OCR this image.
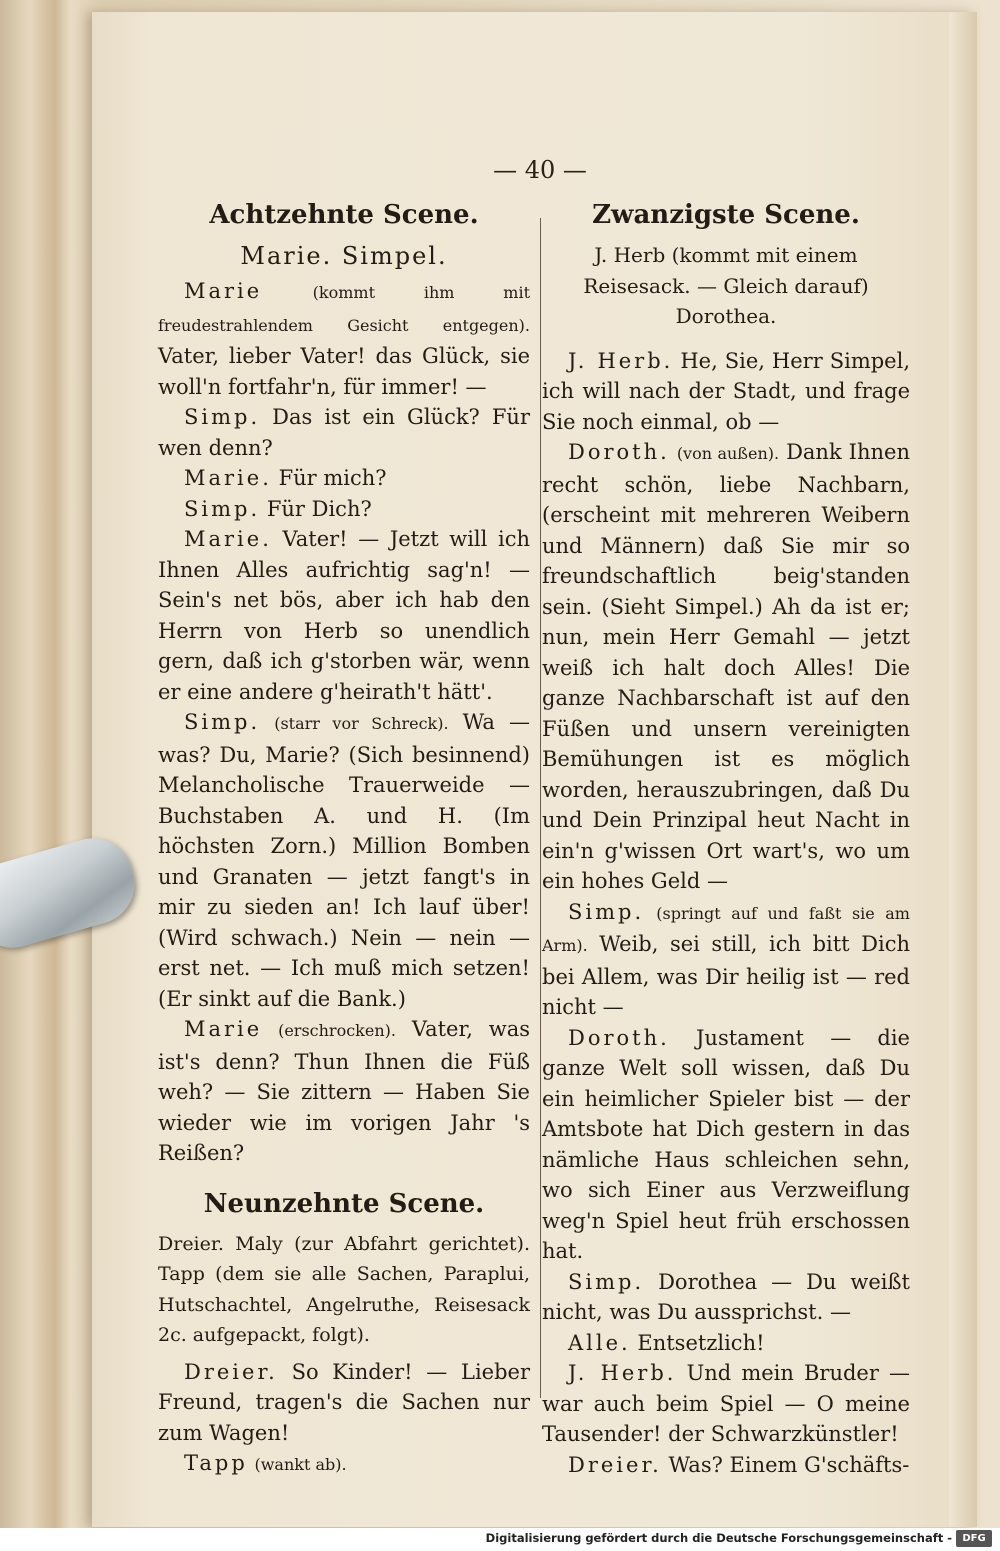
— 40 —
Achtzehnte Scene.
Marie. Simpel.

Marie	(kommt ihm mit freudestrahlendem Gesicht entgegen). Vater, lieber Vater! das Glück, sie woll'n fortfahr'n, für immer! —

Simp. Das ist ein Glück? Für wen denn?

Marie. Für mich?

Simp. Für Dich?

Marie. Vater! — Jetzt will ich Ihnen Alles aufrichtig sag'n! — Sein's net bös, aber ich hab den Herrn von Herb so unendlich gern, daß ich g'storben wär, wenn er eine andere g'heirath't hätt'.

Simp. (starr vor Schreck). Wa — was? Du, Marie? (Sich besinnend) Melancholische Trauerweide — Buchstaben A. und H. (Im höchsten Zorn.) Million Bomben und Granaten — jetzt fangt's in mir zu sieden an! Ich lauf über! (Wird schwach.) Nein — nein — erst net. — Ich muß mich setzen! (Er sinkt auf die Bank.)

Marie (erschrocken). Vater, was ist's denn? Thun Ihnen die Füß weh? — Sie zittern — Haben Sie wieder wie im vorigen Jahr 's Reißen?

Neunzehnte Scene.
Dreier. Maly (zur Abfahrt gerichtet). Tapp (dem sie alle Sachen, Paraplui, Hutschachtel, Angelruthe, Reisesack 2c. aufgepackt, folgt).

Dreier. So Kinder! — Lieber Freund, tragen's die Sachen nur zum Wagen!

Tapp (wankt ab).

Zwanzigste Scene.
J. Herb (kommt mit einem Reisesack. — Gleich darauf) Dorothea.

J. Herb. He, Sie, Herr Simpel, ich will nach der Stadt, und frage Sie noch einmal, ob —

Doroth. (von außen). Dank Ihnen recht schön, liebe Nachbarn, (erscheint mit mehreren Weibern und Männern) daß Sie mir so freundschaftlich beig'standen sein. (Sieht Simpel.) Ah da ist er; nun, mein Herr Gemahl — jetzt weiß ich halt doch Alles! Die ganze Nachbarschaft ist auf den Füßen und unsern vereinigten Bemühungen ist es möglich worden, herauszubringen, daß Du und Dein Prinzipal heut Nacht in ein'n g'wissen Ort wart's, wo um ein hohes Geld —

Simp. (springt auf und faßt sie am Arm). Weib, sei still, ich bitt Dich bei Allem, was Dir heilig ist — red nicht —

Doroth. Justament — die ganze Welt soll wissen, daß Du ein heimlicher Spieler bist — der Amtsbote hat Dich gestern in das nämliche Haus schleichen sehn, wo sich Einer aus Verzweiflung weg'n Spiel heut früh erschossen hat.

Simp. Dorothea — Du weißt nicht, was Du aussprichst. —

Alle. Entsetzlich!

J. Herb. Und mein Bruder — war auch beim Spiel — O meine Tausender! der Schwarzkünstler!

Dreier. Was? Einem G'schäfts-

Digitalisierung gefördert durch die Deutsche Forschungsgemeinschaft -	DFG
